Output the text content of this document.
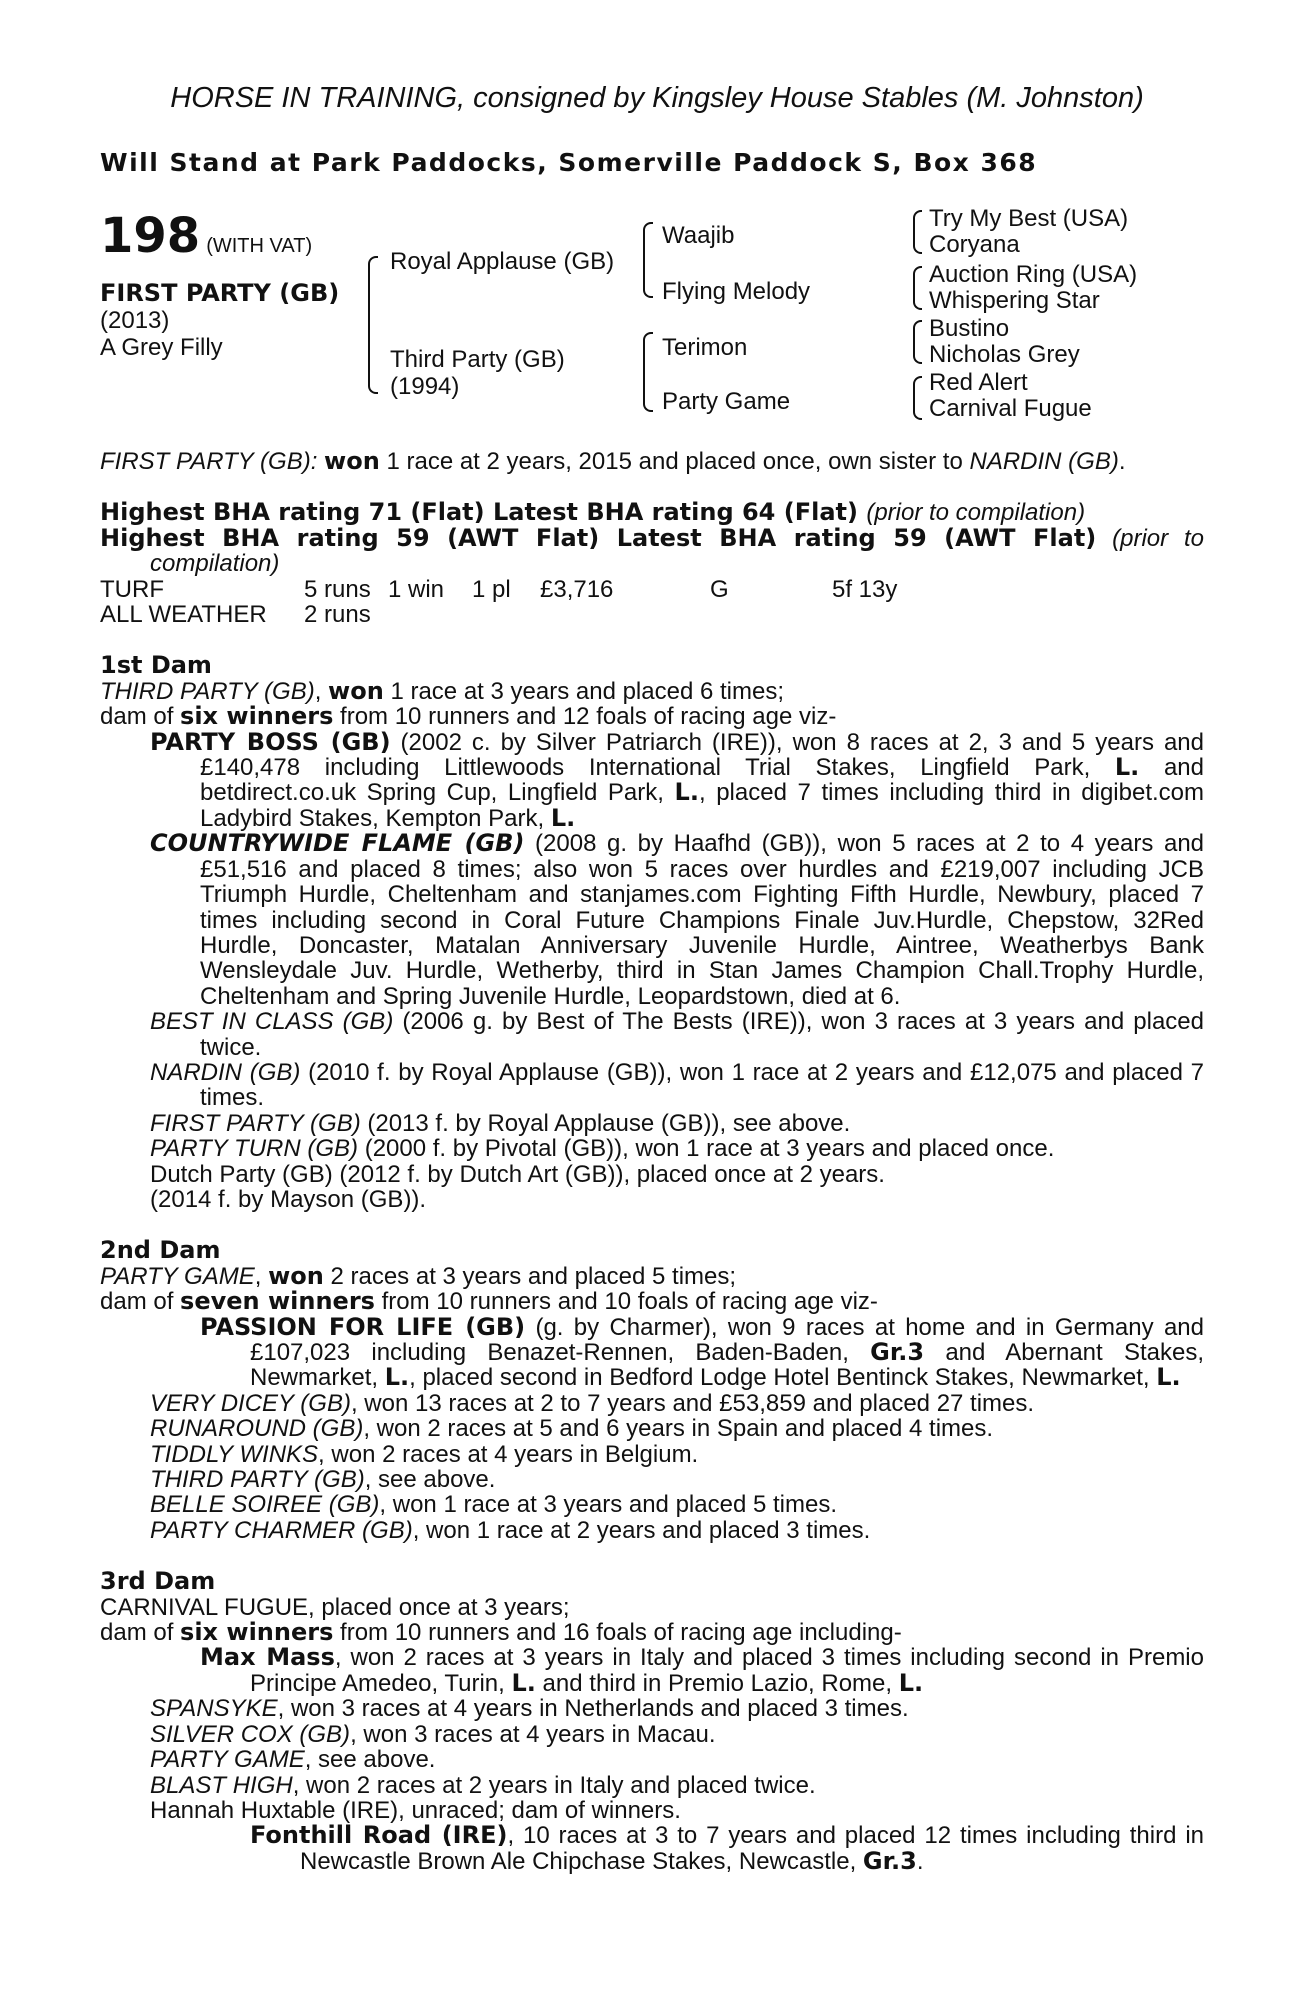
HORSE IN TRAINING, consigned by Kingsley House Stables (M. Johnston)
Will Stand at Park Paddocks, Somerville Paddock S, Box 368
198 (WITH VAT)
FIRST PARTY (GB)
(2013)
A Grey Filly
Royal Applause (GB)
Third Party (GB)
(1994)
Waajib
Flying Melody
Terimon
Party Game
Try My Best (USA)
Coryana
Auction Ring (USA)
Whispering Star
Bustino
Nicholas Grey
Red Alert
Carnival Fugue

FIRST PARTY (GB): won 1 race at 2 years, 2015 and placed once, own sister to NARDIN (GB).

Highest BHA rating 71 (Flat) Latest BHA rating 64 (Flat) (prior to compilation)

Highest BHA rating 59 (AWT Flat) Latest BHA rating 59 (AWT Flat) (prior to

compilation)

TURF	5 runs	1 win	1 pl	£3,716	G	5f 13y
ALL WEATHER	2 runs					

1st Dam

THIRD PARTY (GB), won 1 race at 3 years and placed 6 times;

dam of six winners from 10 runners and 12 foals of racing age viz-

PARTY BOSS (GB) (2002 c. by Silver Patriarch (IRE)), won 8 races at 2, 3 and 5 years and £140,478 including Littlewoods International Trial Stakes, Lingfield Park, L. and betdirect.co.uk Spring Cup, Lingfield Park, L., placed 7 times including third in digibet.com Ladybird Stakes, Kempton Park, L.

COUNTRYWIDE FLAME (GB) (2008 g. by Haafhd (GB)), won 5 races at 2 to 4 years and £51,516 and placed 8 times; also won 5 races over hurdles and £219,007 including JCB Triumph Hurdle, Cheltenham and stanjames.com Fighting Fifth Hurdle, Newbury, placed 7 times including second in Coral Future Champions Finale Juv.Hurdle, Chepstow, 32Red Hurdle, Doncaster, Matalan Anniversary Juvenile Hurdle, Aintree, Weatherbys Bank Wensleydale Juv. Hurdle, Wetherby, third in Stan James Champion Chall.Trophy Hurdle, Cheltenham and Spring Juvenile Hurdle, Leopardstown, died at 6.

BEST IN CLASS (GB) (2006 g. by Best of The Bests (IRE)), won 3 races at 3 years and placed twice.

NARDIN (GB) (2010 f. by Royal Applause (GB)), won 1 race at 2 years and £12,075 and placed 7 times.

FIRST PARTY (GB) (2013 f. by Royal Applause (GB)), see above.

PARTY TURN (GB) (2000 f. by Pivotal (GB)), won 1 race at 3 years and placed once.

Dutch Party (GB) (2012 f. by Dutch Art (GB)), placed once at 2 years.

(2014 f. by Mayson (GB)).

2nd Dam

PARTY GAME, won 2 races at 3 years and placed 5 times;

dam of seven winners from 10 runners and 10 foals of racing age viz-

PASSION FOR LIFE (GB) (g. by Charmer), won 9 races at home and in Germany and £107,023 including Benazet-Rennen, Baden-Baden, Gr.3 and Abernant Stakes, Newmarket, L., placed second in Bedford Lodge Hotel Bentinck Stakes, Newmarket, L.

VERY DICEY (GB), won 13 races at 2 to 7 years and £53,859 and placed 27 times.

RUNAROUND (GB), won 2 races at 5 and 6 years in Spain and placed 4 times.

TIDDLY WINKS, won 2 races at 4 years in Belgium.

THIRD PARTY (GB), see above.

BELLE SOIREE (GB), won 1 race at 3 years and placed 5 times.

PARTY CHARMER (GB), won 1 race at 2 years and placed 3 times.

3rd Dam

CARNIVAL FUGUE, placed once at 3 years;

dam of six winners from 10 runners and 16 foals of racing age including-

Max Mass, won 2 races at 3 years in Italy and placed 3 times including second in Premio Principe Amedeo, Turin, L. and third in Premio Lazio, Rome, L.

SPANSYKE, won 3 races at 4 years in Netherlands and placed 3 times.

SILVER COX (GB), won 3 races at 4 years in Macau.

PARTY GAME, see above.

BLAST HIGH, won 2 races at 2 years in Italy and placed twice.

Hannah Huxtable (IRE), unraced; dam of winners.

Fonthill Road (IRE), 10 races at 3 to 7 years and placed 12 times including third in Newcastle Brown Ale Chipchase Stakes, Newcastle, Gr.3.
